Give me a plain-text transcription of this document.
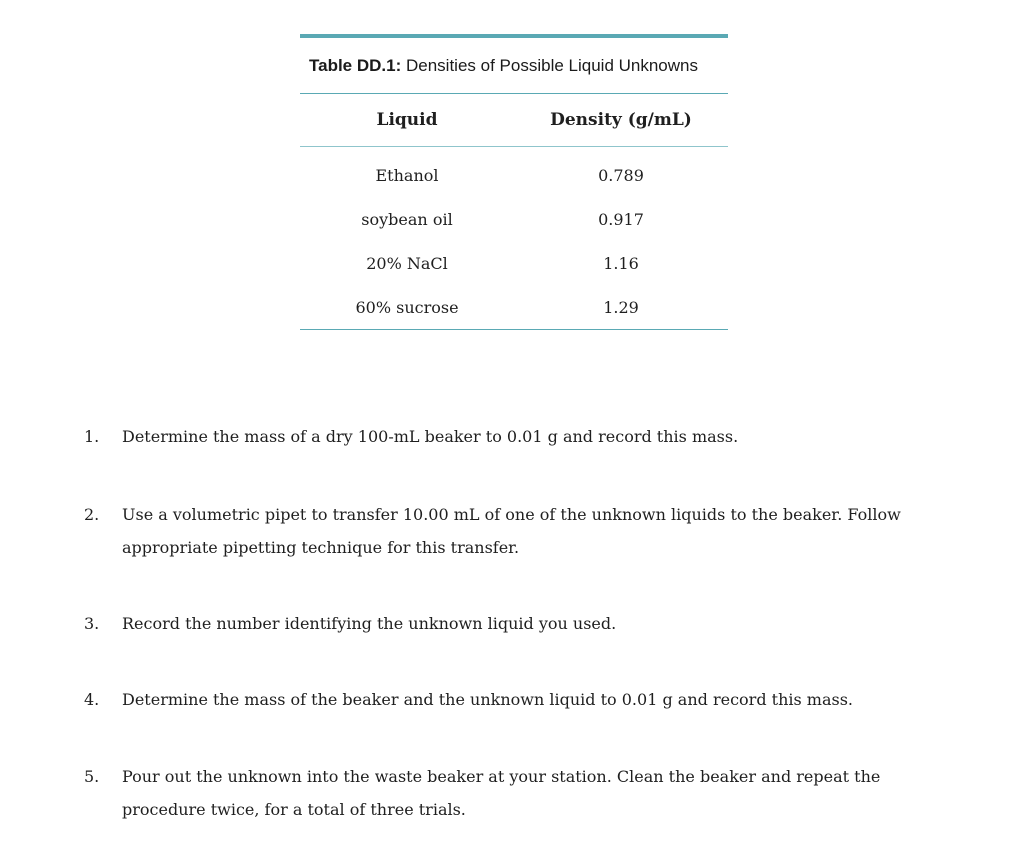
Table DD.1:
Densities of Possible Liquid Unknowns
Liquid	Density (g/mL)
Ethanol	0.789
soybean oil	0.917
20% NaCl	1.16
60% sucrose	1.29
1.	Determine the mass of a dry 100-mL beaker to 0.01 g and record this mass.
2.	Use a volumetric pipet to transfer 10.00 mL of one of the unknown liquids to the beaker. Follow appropriate pipetting technique for this transfer.
3.	Record the number identifying the unknown liquid you used.
4.	Determine the mass of the beaker and the unknown liquid to 0.01 g and record this mass.
5.	Pour out the unknown into the waste beaker at your station. Clean the beaker and repeat the procedure twice, for a total of three trials.
